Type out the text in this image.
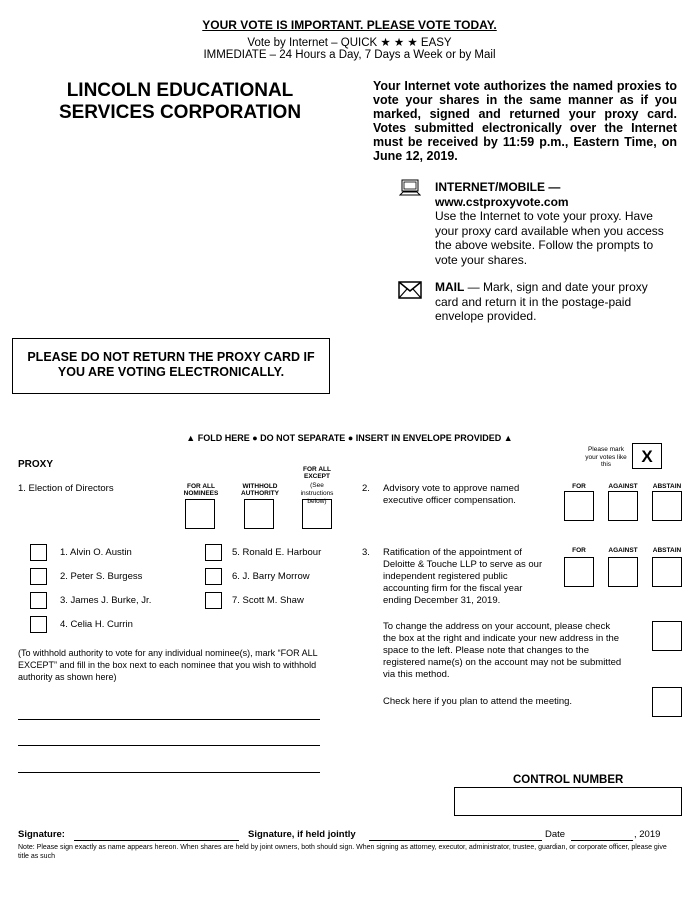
YOUR VOTE IS IMPORTANT. PLEASE VOTE TODAY.
Vote by Internet – QUICK ★ ★ ★ EASY
IMMEDIATE – 24 Hours a Day, 7 Days a Week or by Mail
LINCOLN EDUCATIONAL
SERVICES CORPORATION
Your Internet vote authorizes the named proxies to vote your shares in the same manner as if you marked, signed and returned your proxy card. Votes submitted electronically over the Internet must be received by 11:59 p.m., Eastern Time, on June 12, 2019.
INTERNET/MOBILE —
www.cstproxyvote.com
Use the Internet to vote your proxy. Have your proxy card available when you access the above website. Follow the prompts to vote your shares.
MAIL — Mark, sign and date your proxy card and return it in the postage-paid envelope provided.
PLEASE DO NOT RETURN THE PROXY CARD IF YOU ARE VOTING ELECTRONICALLY.
▲ FOLD HERE ● DO NOT SEPARATE ● INSERT IN ENVELOPE PROVIDED ▲
PROXY
Please mark your votes like this	X
1. Election of Directors	FOR ALL NOMINEES
WITHHOLD AUTHORITY
FOR ALL EXCEPT
(See instructions below)
1. Alvin O. Austin
2. Peter S. Burgess
3. James J. Burke, Jr.
4. Celia H. Currin
5. Ronald E. Harbour
6. J. Barry Morrow
7. Scott M. Shaw
(To withhold authority to vote for any individual nominee(s), mark “FOR ALL EXCEPT” and fill in the box next to each nominee that you wish to withhold authority as shown here)
2. Advisory vote to approve named executive officer compensation.
FOR	AGAINST	ABSTAIN
3. Ratification of the appointment of Deloitte & Touche LLP to serve as our independent registered public accounting firm for the fiscal year ending December 31, 2019.
FOR	AGAINST	ABSTAIN
To change the address on your account, please check the box at the right and indicate your new address in the space to the left. Please note that changes to the registered name(s) on the account may not be submitted via this method.
Check here if you plan to attend the meeting.
CONTROL NUMBER
Signature:	Signature, if held jointly	Date	, 2019
Note: Please sign exactly as name appears hereon. When shares are held by joint owners, both should sign. When signing as attorney, executor, administrator, trustee, guardian, or corporate officer, please give title as such
